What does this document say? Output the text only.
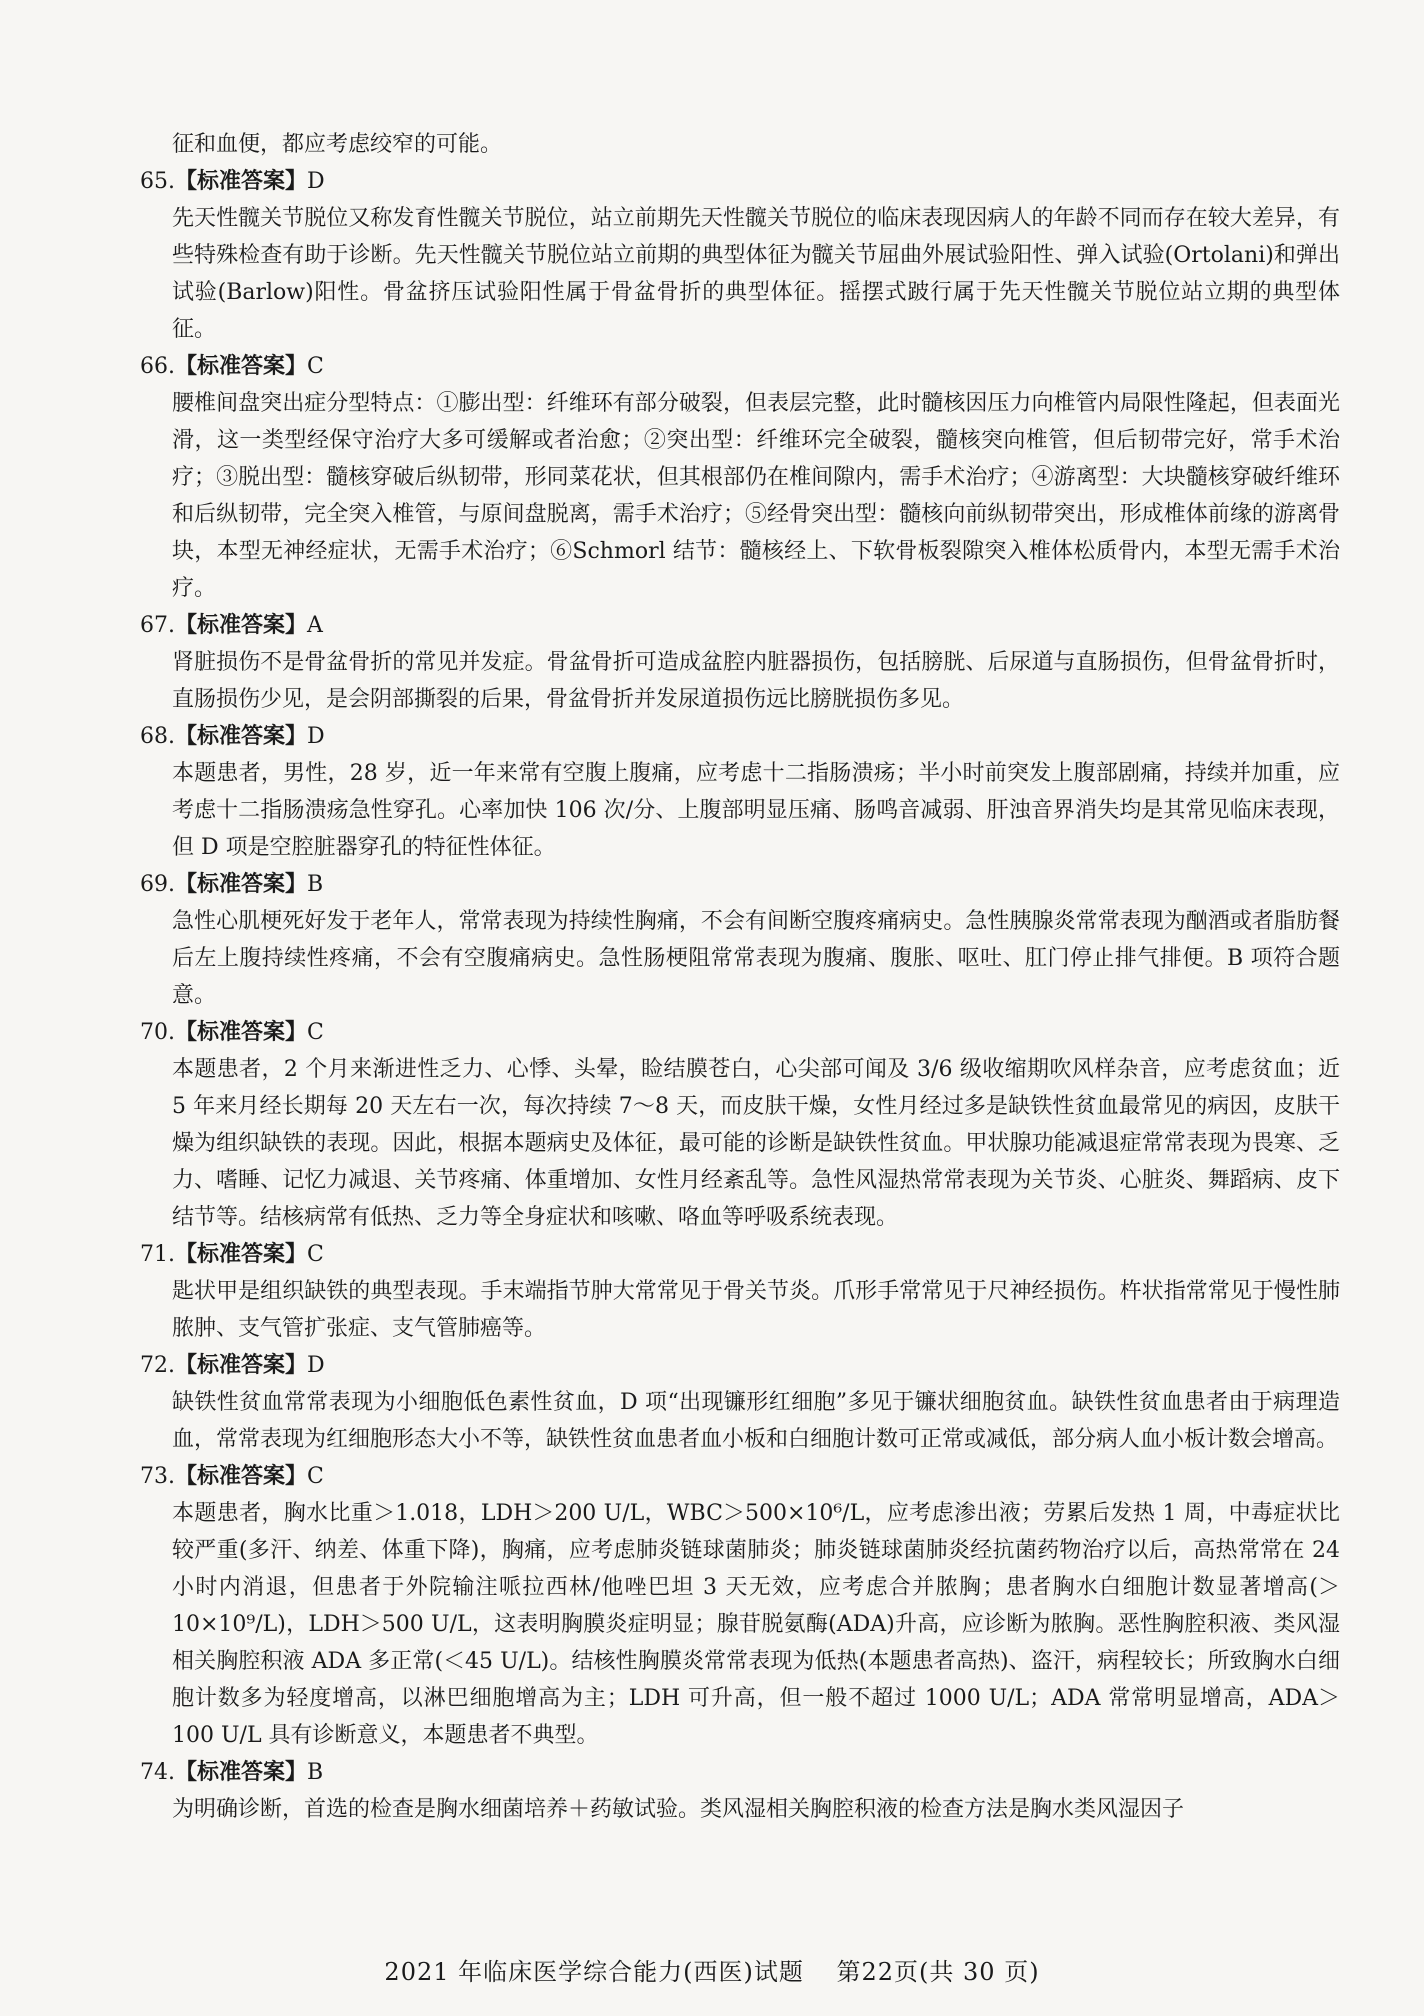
征和血便，都应考虑绞窄的可能。

65.【标准答案】D

先天性髋关节脱位又称发育性髋关节脱位，站立前期先天性髋关节脱位的临床表现因病人的年龄不同而存在较大差异，有些特殊检查有助于诊断。先天性髋关节脱位站立前期的典型体征为髋关节屈曲外展试验阳性、弹入试验(Ortolani)和弹出试验(Barlow)阳性。骨盆挤压试验阳性属于骨盆骨折的典型体征。摇摆式跛行属于先天性髋关节脱位站立期的典型体征。

66.【标准答案】C

腰椎间盘突出症分型特点：①膨出型：纤维环有部分破裂，但表层完整，此时髓核因压力向椎管内局限性隆起，但表面光滑，这一类型经保守治疗大多可缓解或者治愈；②突出型：纤维环完全破裂，髓核突向椎管，但后韧带完好，常手术治疗；③脱出型：髓核穿破后纵韧带，形同菜花状，但其根部仍在椎间隙内，需手术治疗；④游离型：大块髓核穿破纤维环和后纵韧带，完全突入椎管，与原间盘脱离，需手术治疗；⑤经骨突出型：髓核向前纵韧带突出，形成椎体前缘的游离骨块，本型无神经症状，无需手术治疗；⑥Schmorl 结节：髓核经上、下软骨板裂隙突入椎体松质骨内，本型无需手术治疗。

67.【标准答案】A

肾脏损伤不是骨盆骨折的常见并发症。骨盆骨折可造成盆腔内脏器损伤，包括膀胱、后尿道与直肠损伤，但骨盆骨折时，直肠损伤少见，是会阴部撕裂的后果，骨盆骨折并发尿道损伤远比膀胱损伤多见。

68.【标准答案】D

本题患者，男性，28 岁，近一年来常有空腹上腹痛，应考虑十二指肠溃疡；半小时前突发上腹部剧痛，持续并加重，应考虑十二指肠溃疡急性穿孔。心率加快 106 次/分、上腹部明显压痛、肠鸣音减弱、肝浊音界消失均是其常见临床表现，但 D 项是空腔脏器穿孔的特征性体征。

69.【标准答案】B

急性心肌梗死好发于老年人，常常表现为持续性胸痛，不会有间断空腹疼痛病史。急性胰腺炎常常表现为酗酒或者脂肪餐后左上腹持续性疼痛，不会有空腹痛病史。急性肠梗阻常常表现为腹痛、腹胀、呕吐、肛门停止排气排便。B 项符合题意。

70.【标准答案】C

本题患者，2 个月来渐进性乏力、心悸、头晕，睑结膜苍白，心尖部可闻及 3/6 级收缩期吹风样杂音，应考虑贫血；近 5 年来月经长期每 20 天左右一次，每次持续 7～8 天，而皮肤干燥，女性月经过多是缺铁性贫血最常见的病因，皮肤干燥为组织缺铁的表现。因此，根据本题病史及体征，最可能的诊断是缺铁性贫血。甲状腺功能减退症常常表现为畏寒、乏力、嗜睡、记忆力减退、关节疼痛、体重增加、女性月经紊乱等。急性风湿热常常表现为关节炎、心脏炎、舞蹈病、皮下结节等。结核病常有低热、乏力等全身症状和咳嗽、咯血等呼吸系统表现。

71.【标准答案】C

匙状甲是组织缺铁的典型表现。手末端指节肿大常常见于骨关节炎。爪形手常常见于尺神经损伤。杵状指常常见于慢性肺脓肿、支气管扩张症、支气管肺癌等。

72.【标准答案】D

缺铁性贫血常常表现为小细胞低色素性贫血，D 项“出现镰形红细胞”多见于镰状细胞贫血。缺铁性贫血患者由于病理造血，常常表现为红细胞形态大小不等，缺铁性贫血患者血小板和白细胞计数可正常或减低，部分病人血小板计数会增高。

73.【标准答案】C

本题患者，胸水比重＞1.018，LDH＞200 U/L，WBC＞500×10⁶/L，应考虑渗出液；劳累后发热 1 周，中毒症状比较严重(多汗、纳差、体重下降)，胸痛，应考虑肺炎链球菌肺炎；肺炎链球菌肺炎经抗菌药物治疗以后，高热常常在 24 小时内消退，但患者于外院输注哌拉西林/他唑巴坦 3 天无效，应考虑合并脓胸；患者胸水白细胞计数显著增高(＞10×10⁹/L)，LDH＞500 U/L，这表明胸膜炎症明显；腺苷脱氨酶(ADA)升高，应诊断为脓胸。恶性胸腔积液、类风湿相关胸腔积液 ADA 多正常(＜45 U/L)。结核性胸膜炎常常表现为低热(本题患者高热)、盗汗，病程较长；所致胸水白细胞计数多为轻度增高，以淋巴细胞增高为主；LDH 可升高，但一般不超过 1000 U/L；ADA 常常明显增高，ADA＞100 U/L 具有诊断意义，本题患者不典型。

74.【标准答案】B

为明确诊断，首选的检查是胸水细菌培养＋药敏试验。类风湿相关胸腔积液的检查方法是胸水类风湿因子

2021 年临床医学综合能力(西医)试题 第22页(共 30 页)
